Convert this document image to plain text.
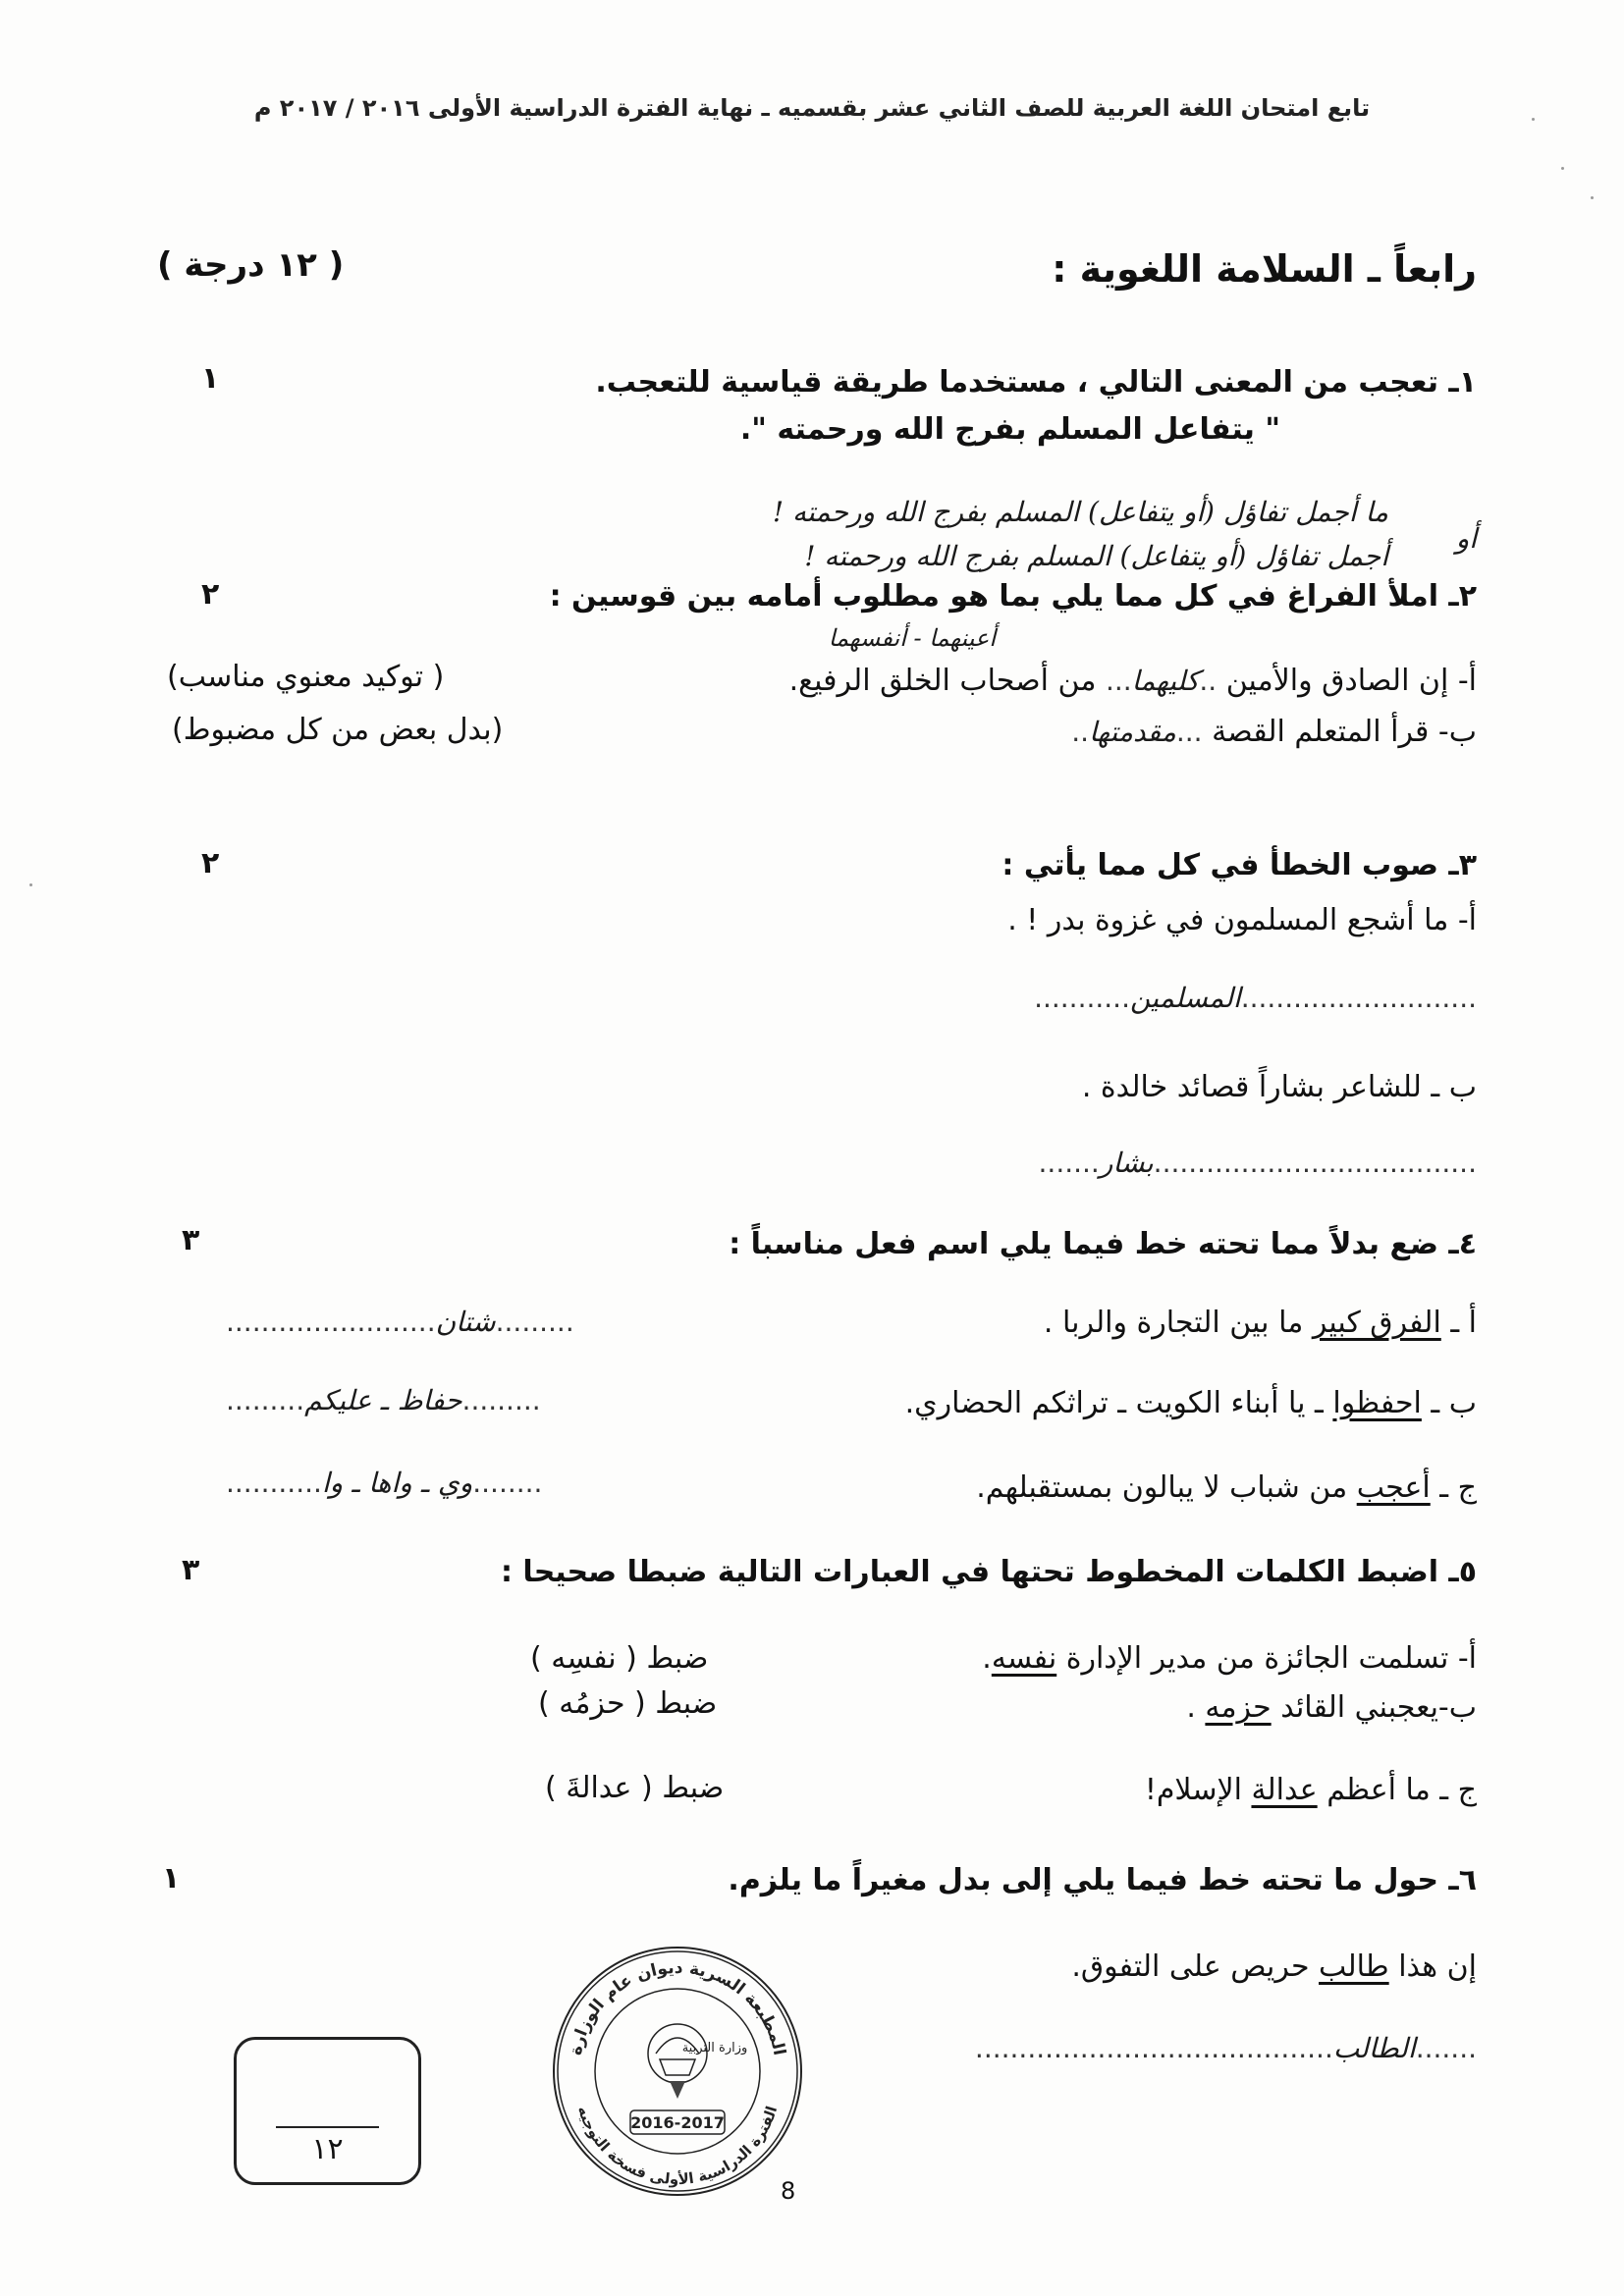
تابع امتحان اللغة العربية للصف الثاني عشر بقسميه ـ نهاية الفترة الدراسية الأولى ٢٠١٦ / ٢٠١٧ م
رابعاً ـ السلامة اللغوية :
( ١٢ درجة )
١	١ـ تعجب من المعنى التالي ، مستخدما طريقة قياسية للتعجب.
" يتفاعل المسلم بفرج الله ورحمته ".
ما أجمل تفاؤل (أو يتفاعل) المسلم بفرج الله ورحمته !
أو
أجمل تفاؤل (أو يتفاعل) المسلم بفرج الله ورحمته !
٢	٢ـ املأ الفراغ في كل مما يلي بما هو مطلوب أمامه بين قوسين :
أعينهما - أنفسهما
أ- إن الصادق والأمين ..كليهما... من أصحاب الخلق الرفيع.
( توكيد معنوي مناسب)
ب- قرأ المتعلم القصة ...مقدمتها..
(بدل بعض من كل مضبوط)
٢	٣ـ صوب الخطأ في كل مما يأتي :
أ- ما أشجع المسلمون في غزوة بدر ! .
...........................المسلمين...........
ب ـ للشاعر بشاراً قصائد خالدة .
.....................................بشار.......
٣	٤ـ ضع بدلاً مما تحته خط فيما يلي اسم فعل مناسباً :
أ ـ الفرق كبير ما بين التجارة والربا .
.........شتان........................
ب ـ احفظوا ـ يا أبناء الكويت ـ تراثكم الحضاري.
.........حفاظ ـ عليكم.........
ج ـ أعجب من شباب لا يبالون بمستقبلهم.
........وي ـ واها ـ وا...........
٣	٥ـ اضبط الكلمات المخطوط تحتها في العبارات التالية ضبطا صحيحا :
أ- تسلمت الجائزة من مدير الإدارة نفسه.
ضبط ( نفسِه )
ب-يعجبني القائد حزمه .
ضبط ( حزمُه )
ج ـ ما أعظم عدالة الإسلام!
ضبط ( عدالةَ )
١	٦ـ حول ما تحته خط فيما يلي إلى بدل مغيراً ما يلزم.
إن هذا طالب حريص على التفوق.
.......الطالب.........................................
المطبعة السرية ديوان عام الوزارة
الفترة الدراسية الأولى فسخة التوجيه
وزارة التربية
2016-2017
١٢
8
